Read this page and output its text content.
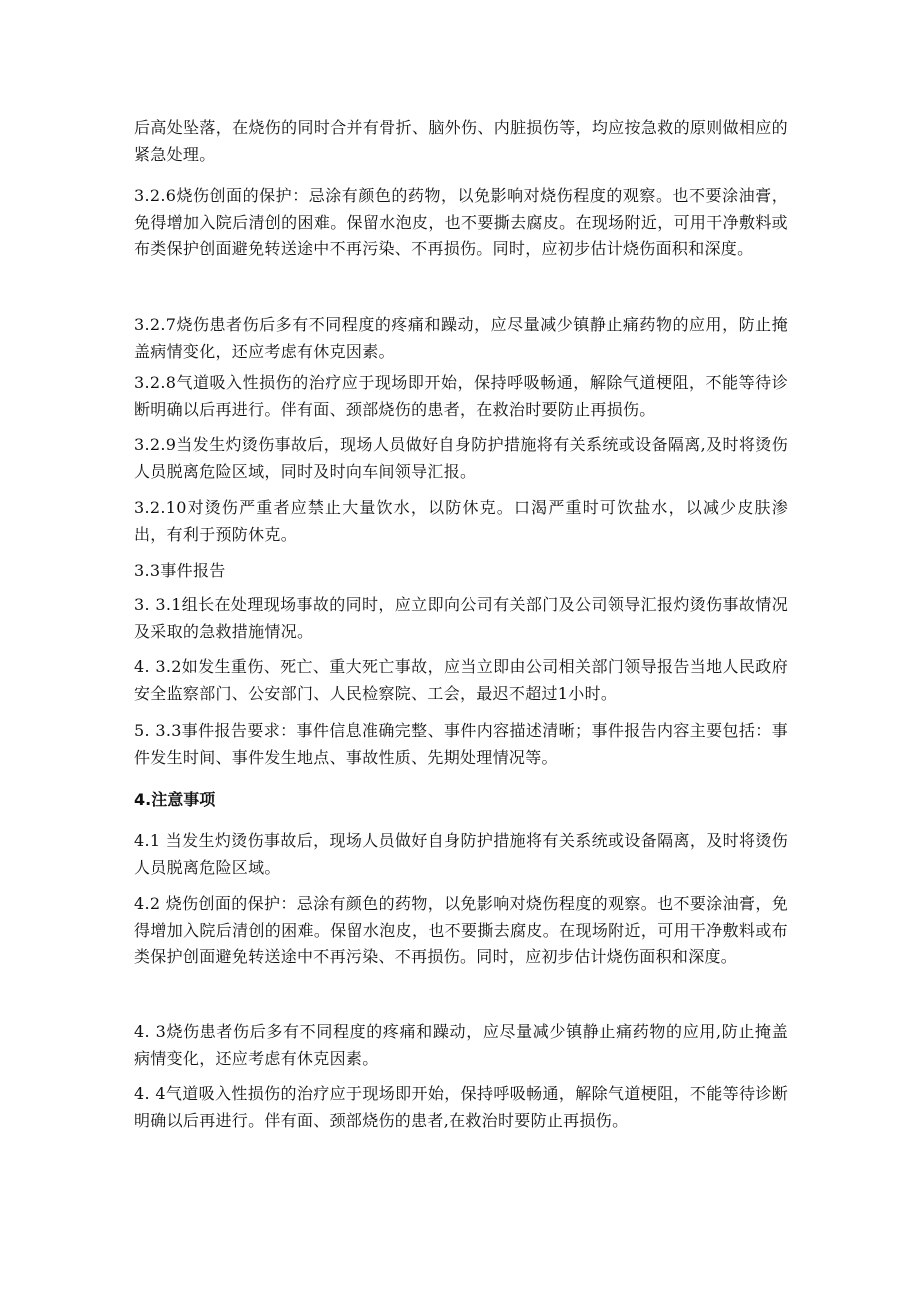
后高处坠落，在烧伤的同时合并有骨折、脑外伤、内脏损伤等，均应按急救的原则做相应的紧急处理。

3.2.6烧伤创面的保护：忌涂有颜色的药物，以免影响对烧伤程度的观察。也不要涂油膏，免得增加入院后清创的困难。保留水泡皮，也不要撕去腐皮。在现场附近，可用干净敷料或布类保护创面避免转送途中不再污染、不再损伤。同时，应初步估计烧伤面积和深度。

3.2.7烧伤患者伤后多有不同程度的疼痛和躁动，应尽量减少镇静止痛药物的应用，防止掩盖病情变化，还应考虑有休克因素。

3.2.8气道吸入性损伤的治疗应于现场即开始，保持呼吸畅通，解除气道梗阻，不能等待诊断明确以后再进行。伴有面、颈部烧伤的患者，在救治时要防止再损伤。

3.2.9当发生灼烫伤事故后，现场人员做好自身防护措施将有关系统或设备隔离,及时将烫伤人员脱离危险区域，同时及时向车间领导汇报。

3.2.10对烫伤严重者应禁止大量饮水，以防休克。口渴严重时可饮盐水，以减少皮肤渗出，有利于预防休克。

3.3事件报告

3. 3.1组长在处理现场事故的同时，应立即向公司有关部门及公司领导汇报灼烫伤事故情况及采取的急救措施情况。

4. 3.2如发生重伤、死亡、重大死亡事故，应当立即由公司相关部门领导报告当地人民政府安全监察部门、公安部门、人民检察院、工会，最迟不超过1小时。

5. 3.3事件报告要求：事件信息准确完整、事件内容描述清晰；事件报告内容主要包括：事件发生时间、事件发生地点、事故性质、先期处理情况等。

4.注意事项

4.1 当发生灼烫伤事故后，现场人员做好自身防护措施将有关系统或设备隔离，及时将烫伤人员脱离危险区域。

4.2 烧伤创面的保护：忌涂有颜色的药物，以免影响对烧伤程度的观察。也不要涂油膏，免得增加入院后清创的困难。保留水泡皮，也不要撕去腐皮。在现场附近，可用干净敷料或布类保护创面避免转送途中不再污染、不再损伤。同时，应初步估计烧伤面积和深度。

4. 3烧伤患者伤后多有不同程度的疼痛和躁动，应尽量减少镇静止痛药物的应用,防止掩盖病情变化，还应考虑有休克因素。

4. 4气道吸入性损伤的治疗应于现场即开始，保持呼吸畅通，解除气道梗阻，不能等待诊断明确以后再进行。伴有面、颈部烧伤的患者,在救治时要防止再损伤。
